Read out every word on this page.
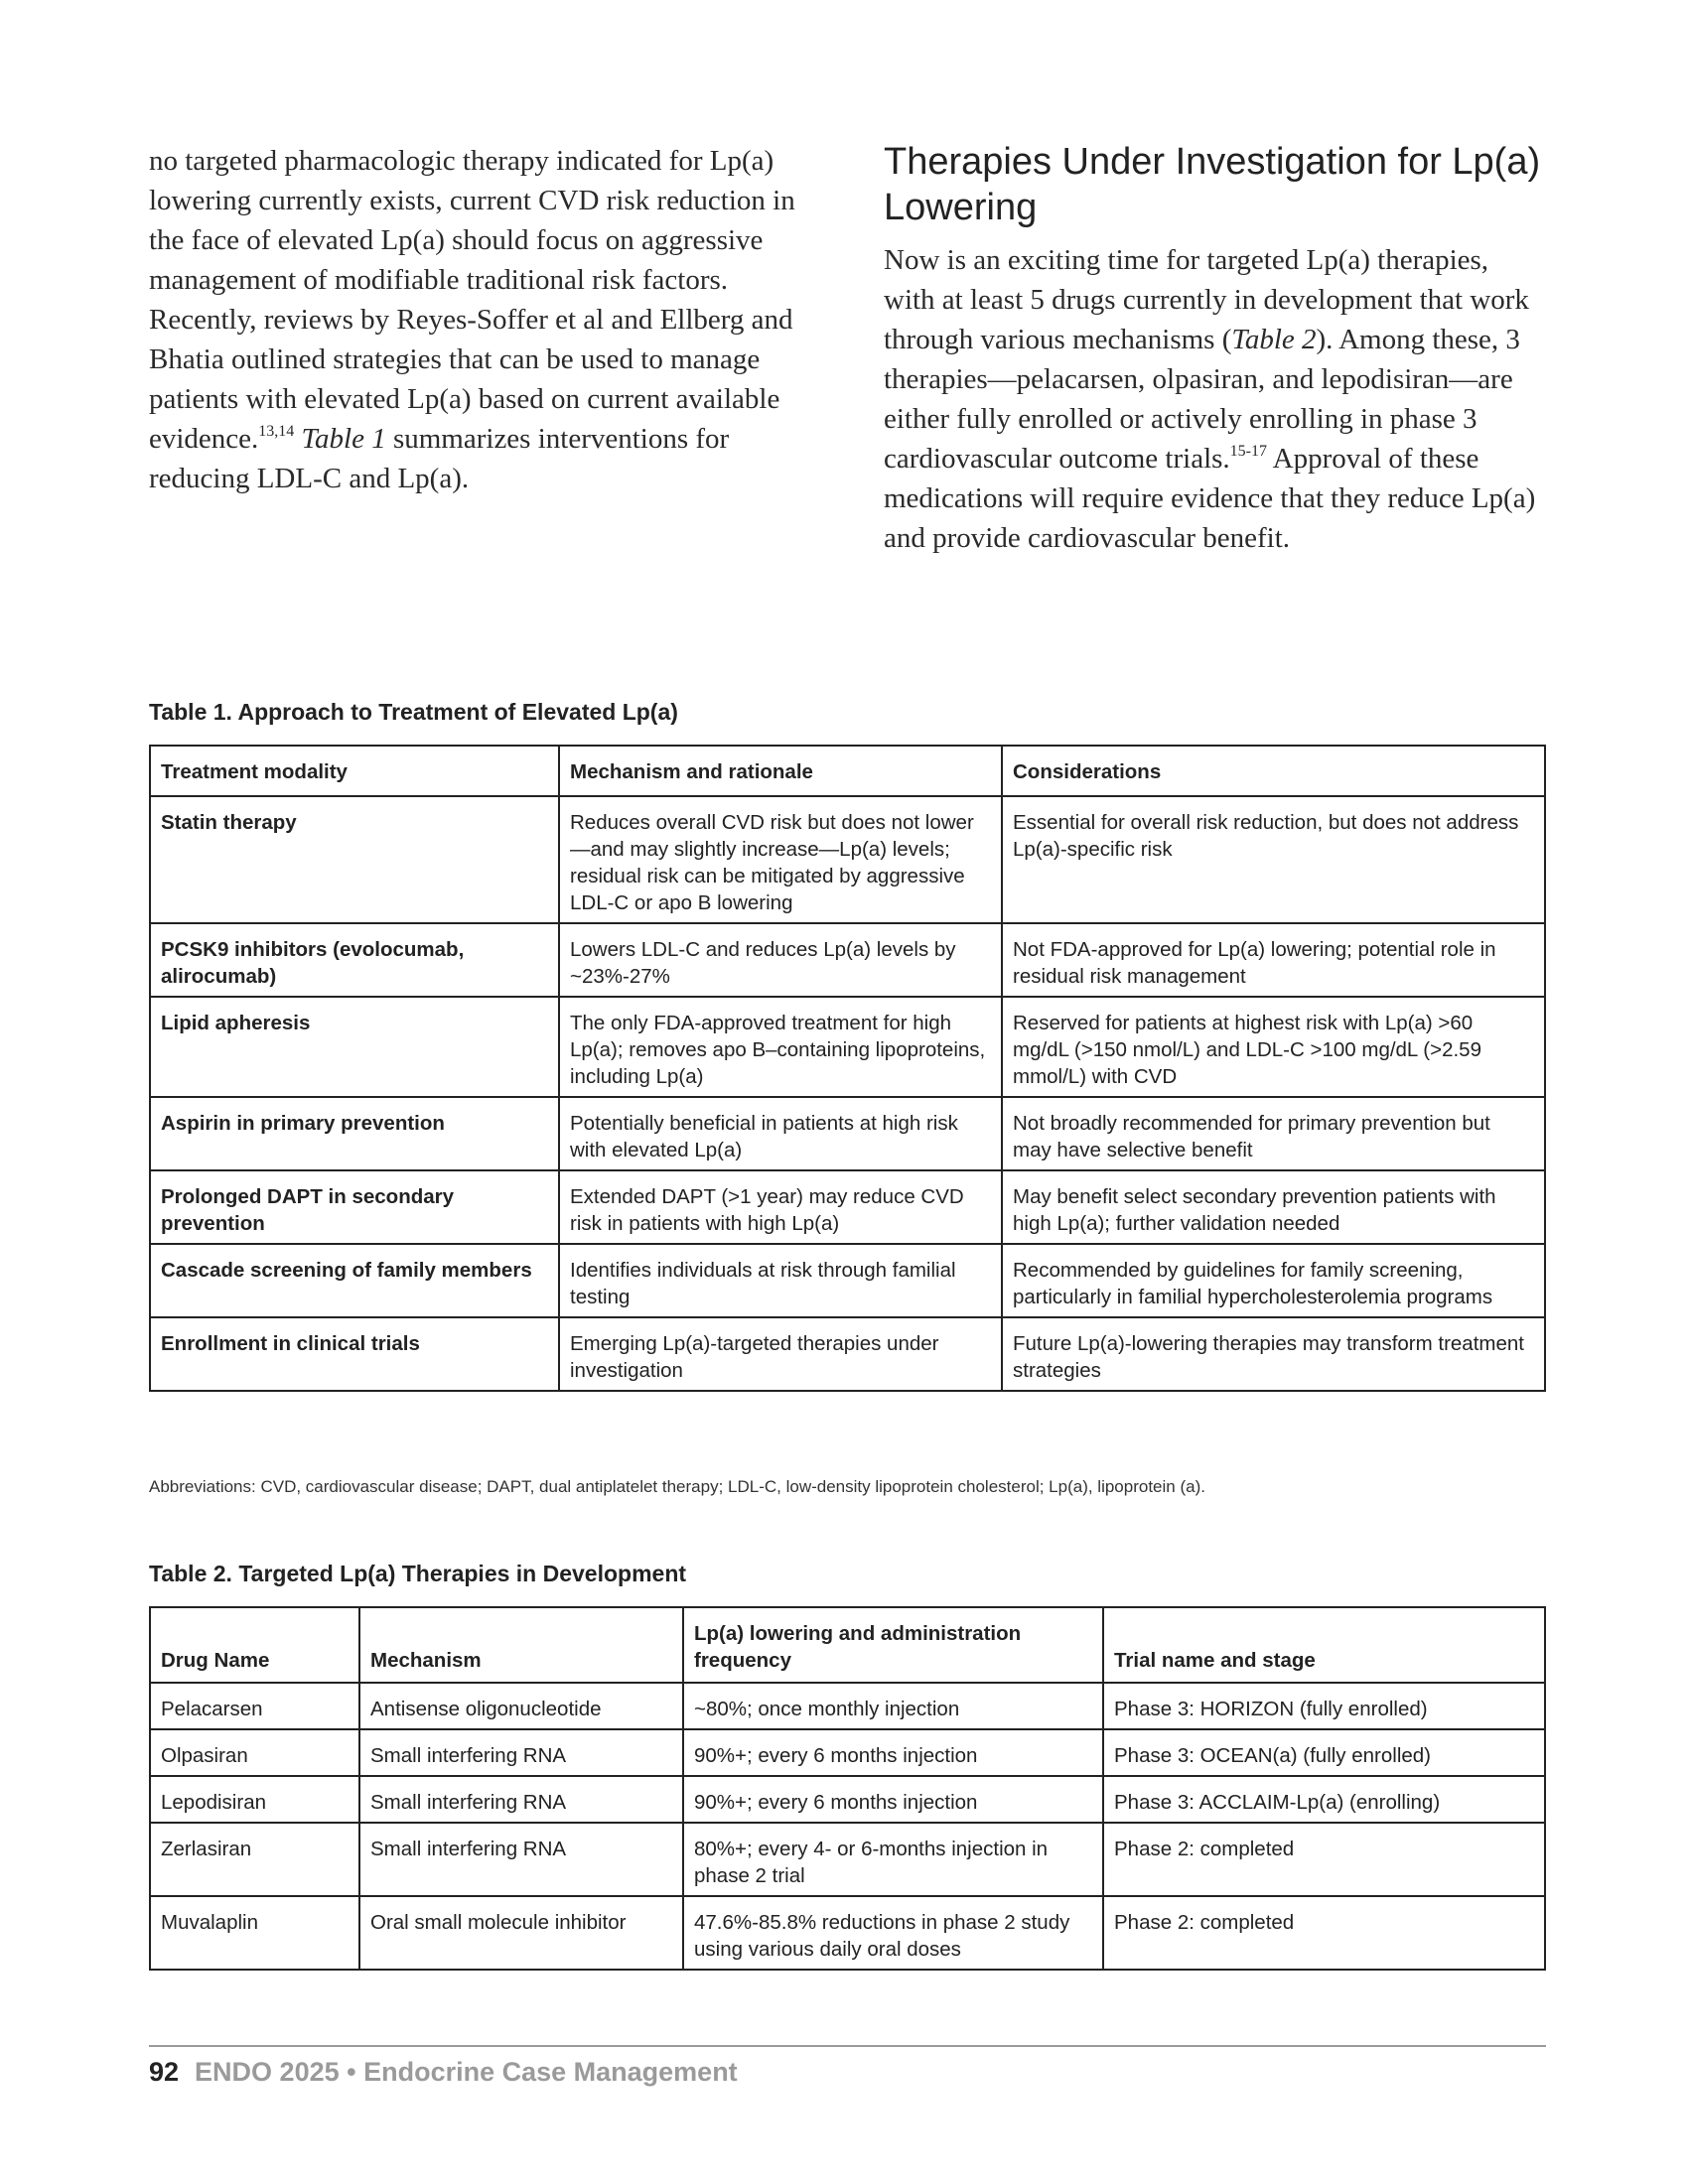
no targeted pharmacologic therapy indicated for Lp(a) lowering currently exists, current CVD risk reduction in the face of elevated Lp(a) should focus on aggressive management of modifiable traditional risk factors. Recently, reviews by Reyes-Soffer et al and Ellberg and Bhatia outlined strategies that can be used to manage patients with elevated Lp(a) based on current available evidence.$^{13,14}$ Table 1 summarizes interventions for reducing LDL-C and Lp(a).
Therapies Under Investigation for Lp(a) Lowering

Now is an exciting time for targeted Lp(a) therapies, with at least 5 drugs currently in development that work through various mechanisms (Table 2). Among these, 3 therapies—pelacarsen, olpasiran, and lepodisiran—are either fully enrolled or actively enrolling in phase 3 cardiovascular outcome trials.$^{15-17}$ Approval of these medications will require evidence that they reduce Lp(a) and provide cardiovascular benefit.

Table 1. Approach to Treatment of Elevated Lp(a)
Treatment modality	Mechanism and rationale	Considerations
Statin therapy	Reduces overall CVD risk but does not lower—and may slightly increase—Lp(a) levels; residual risk can be mitigated by aggressive LDL-C or apo B lowering	Essential for overall risk reduction, but does not address Lp(a)-specific risk
PCSK9 inhibitors (evolocumab, alirocumab)	Lowers LDL-C and reduces Lp(a) levels by ~23%-27%	Not FDA-approved for Lp(a) lowering; potential role in residual risk management
Lipid apheresis	The only FDA-approved treatment for high Lp(a); removes apo B–containing lipoproteins, including Lp(a)	Reserved for patients at highest risk with Lp(a) >60 mg/dL (>150 nmol/L) and LDL-C >100 mg/dL (>2.59 mmol/L) with CVD
Aspirin in primary prevention	Potentially beneficial in patients at high risk with elevated Lp(a)	Not broadly recommended for primary prevention but may have selective benefit
Prolonged DAPT in secondary prevention	Extended DAPT (>1 year) may reduce CVD risk in patients with high Lp(a)	May benefit select secondary prevention patients with high Lp(a); further validation needed
Cascade screening of family members	Identifies individuals at risk through familial testing	Recommended by guidelines for family screening, particularly in familial hypercholesterolemia programs
Enrollment in clinical trials	Emerging Lp(a)-targeted therapies under investigation	Future Lp(a)-lowering therapies may transform treatment strategies
Abbreviations: CVD, cardiovascular disease; DAPT, dual antiplatelet therapy; LDL-C, low-density lipoprotein cholesterol; Lp(a), lipoprotein (a).
Table 2. Targeted Lp(a) Therapies in Development
Drug Name	Mechanism	Lp(a) lowering and administration frequency	Trial name and stage
Pelacarsen	Antisense oligonucleotide	~80%; once monthly injection	Phase 3: HORIZON (fully enrolled)
Olpasiran	Small interfering RNA	90%+; every 6 months injection	Phase 3: OCEAN(a) (fully enrolled)
Lepodisiran	Small interfering RNA	90%+; every 6 months injection	Phase 3: ACCLAIM-Lp(a) (enrolling)
Zerlasiran	Small interfering RNA	80%+; every 4- or 6-months injection in phase 2 trial	Phase 2: completed
Muvalaplin	Oral small molecule inhibitor	47.6%-85.8% reductions in phase 2 study using various daily oral doses	Phase 2: completed
92 ENDO 2025 • Endocrine Case Management
